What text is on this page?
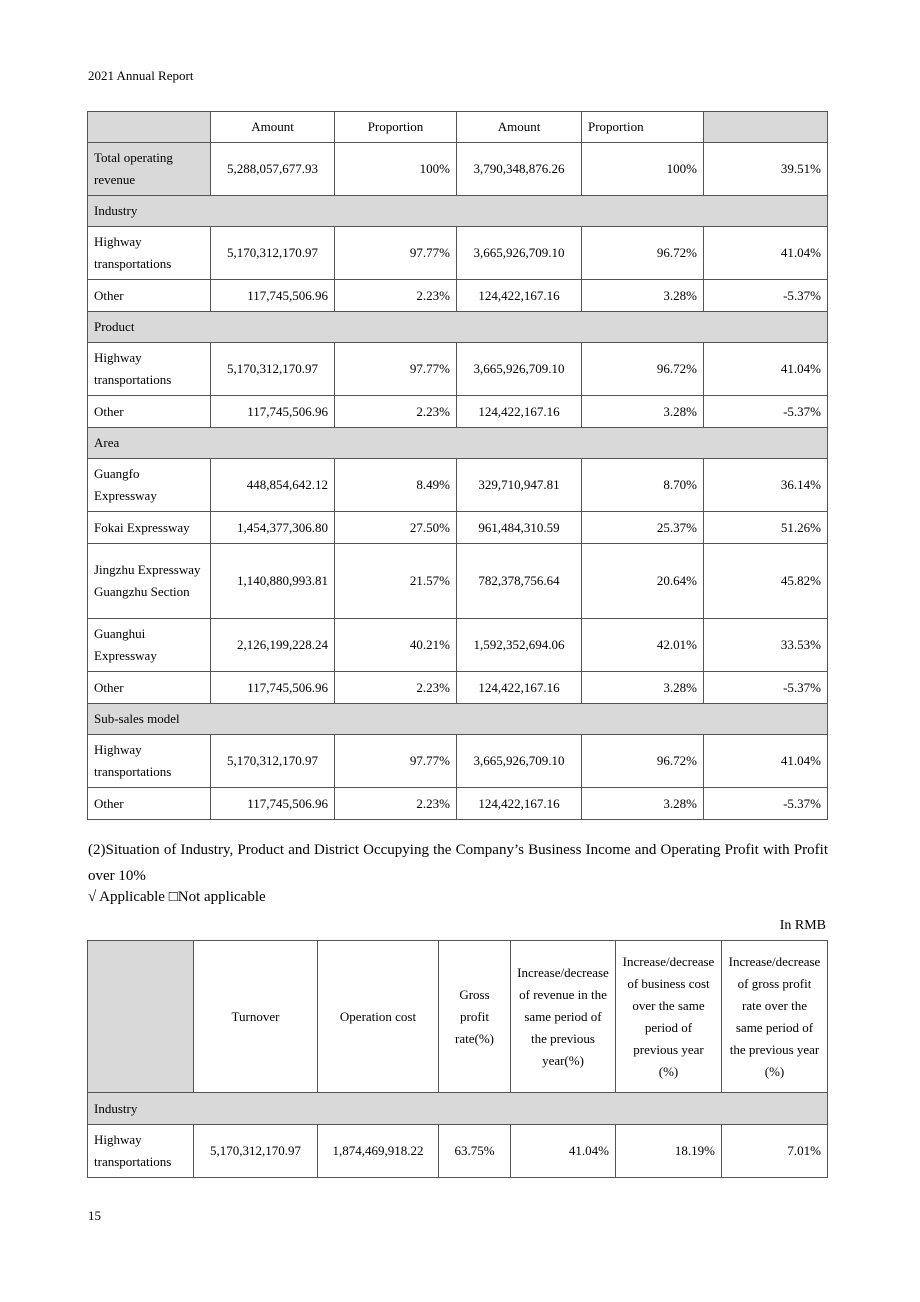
2021 Annual Report
	Amount	Proportion	Amount	Proportion	
Total operating revenue	5,288,057,677.93	100%	3,790,348,876.26	100%	39.51%
Industry					
Highway transportations	5,170,312,170.97	97.77%	3,665,926,709.10	96.72%	41.04%
Other	117,745,506.96	2.23%	124,422,167.16	3.28%	-5.37%
Product					
Highway transportations	5,170,312,170.97	97.77%	3,665,926,709.10	96.72%	41.04%
Other	117,745,506.96	2.23%	124,422,167.16	3.28%	-5.37%
Area					
Guangfo Expressway	448,854,642.12	8.49%	329,710,947.81	8.70%	36.14%
Fokai Expressway	1,454,377,306.80	27.50%	961,484,310.59	25.37%	51.26%
Jingzhu Expressway Guangzhu Section	1,140,880,993.81	21.57%	782,378,756.64	20.64%	45.82%
Guanghui Expressway	2,126,199,228.24	40.21%	1,592,352,694.06	42.01%	33.53%
Other	117,745,506.96	2.23%	124,422,167.16	3.28%	-5.37%
Sub-sales model					
Highway transportations	5,170,312,170.97	97.77%	3,665,926,709.10	96.72%	41.04%
Other	117,745,506.96	2.23%	124,422,167.16	3.28%	-5.37%
(2)Situation of Industry, Product and District Occupying the Company’s Business Income and Operating Profit with Profit over 10%
√ Applicable □Not applicable
In RMB
	Turnover	Operation cost	Gross profit rate(%)	Increase/decrease of revenue in the same period of the previous year(%)	Increase/decrease of business cost over the same period of previous year (%)	Increase/decrease of gross profit rate over the same period of the previous year (%)
Industry						
Highway transportations	5,170,312,170.97	1,874,469,918.22	63.75%	41.04%	18.19%	7.01%
15
